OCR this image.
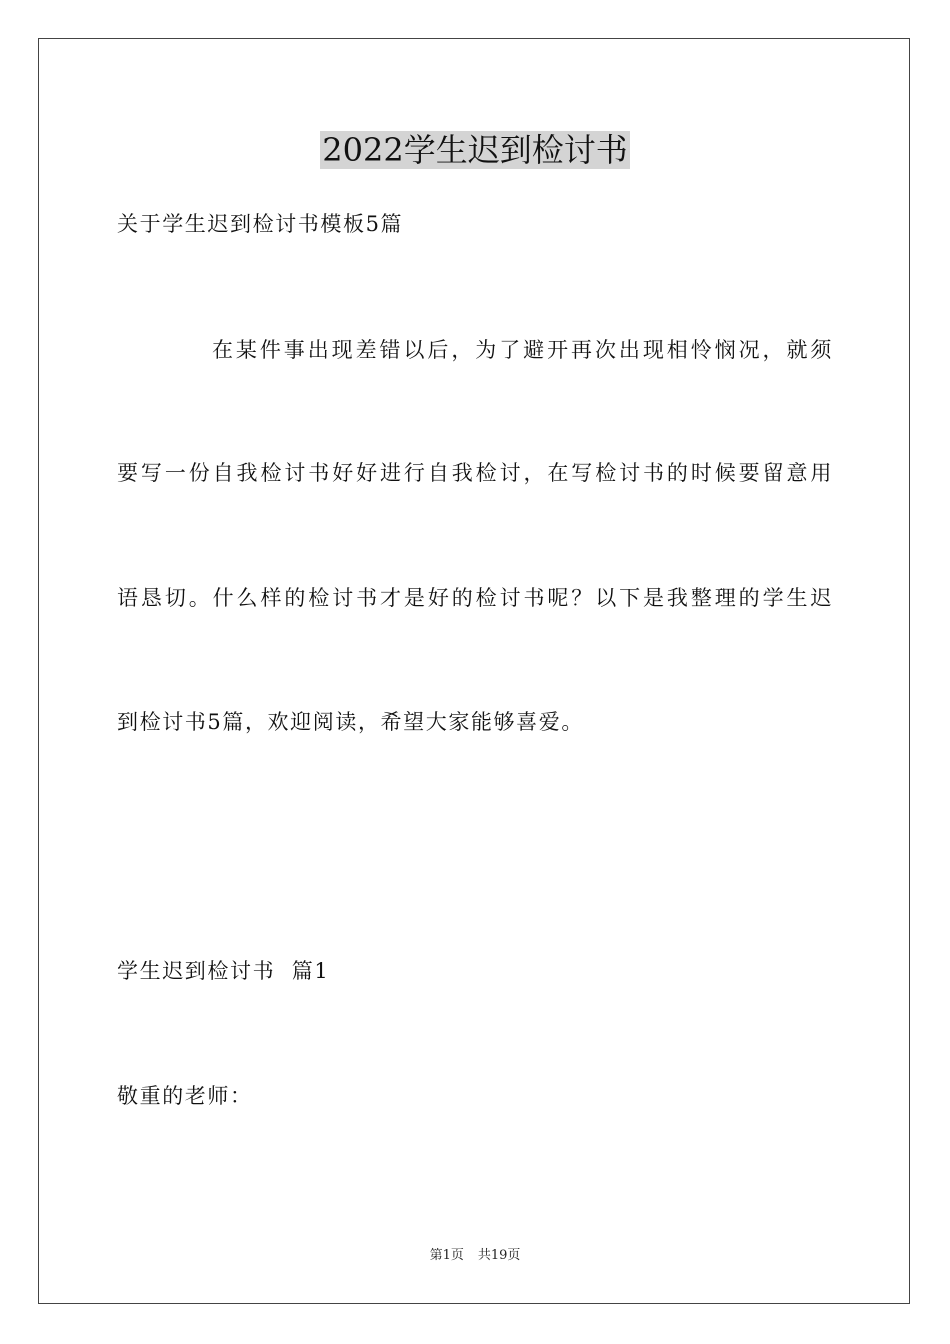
2022学生迟到检讨书
关于学生迟到检讨书模板5篇
在某件事出现差错以后，为了避开再次出现相怜悯况，就须
要写一份自我检讨书好好进行自我检讨，在写检讨书的时候要留意用
语恳切。什么样的检讨书才是好的检讨书呢？以下是我整理的学生迟
到检讨书5篇，欢迎阅读，希望大家能够喜爱。
学生迟到检讨书  篇1
敬重的老师：
第1页 共19页
